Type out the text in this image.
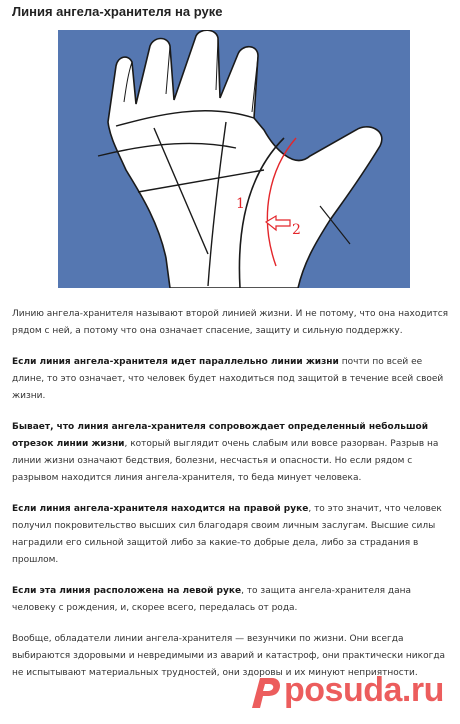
Линия ангела-хранителя на руке
1
2

Линию ангела-хранителя называют второй линией жизни. И не потому, что она находится рядом с ней, а потому что она означает спасение, защиту и сильную поддержку.

Если линия ангела-хранителя идет параллельно линии жизни почти по всей ее длине, то это означает, что человек будет находиться под защитой в течение всей своей жизни.

Бывает, что линия ангела-хранителя сопровождает определенный небольшой отрезок линии жизни, который выглядит очень слабым или вовсе разорван. Разрыв на линии жизни означают бедствия, болезни, несчастья и опасности. Но если рядом с разрывом находится линия ангела-хранителя, то беда минует человека.

Если линия ангела-хранителя находится на правой руке, то это значит, что человек получил покровительство высших сил благодаря своим личным заслугам. Высшие силы наградили его сильной защитой либо за какие-то добрые дела, либо за страдания в прошлом.

Если эта линия расположена на левой руке, то защита ангела-хранителя дана человеку с рождения, и, скорее всего, передалась от рода.

Вообще, обладатели линии ангела-хранителя — везунчики по жизни. Они всегда выбираются здоровыми и невредимыми из аварий и катастроф, они практически никогда не испытывают материальных трудностей, они здоровы и их минуют неприятности.

posuda.ru
